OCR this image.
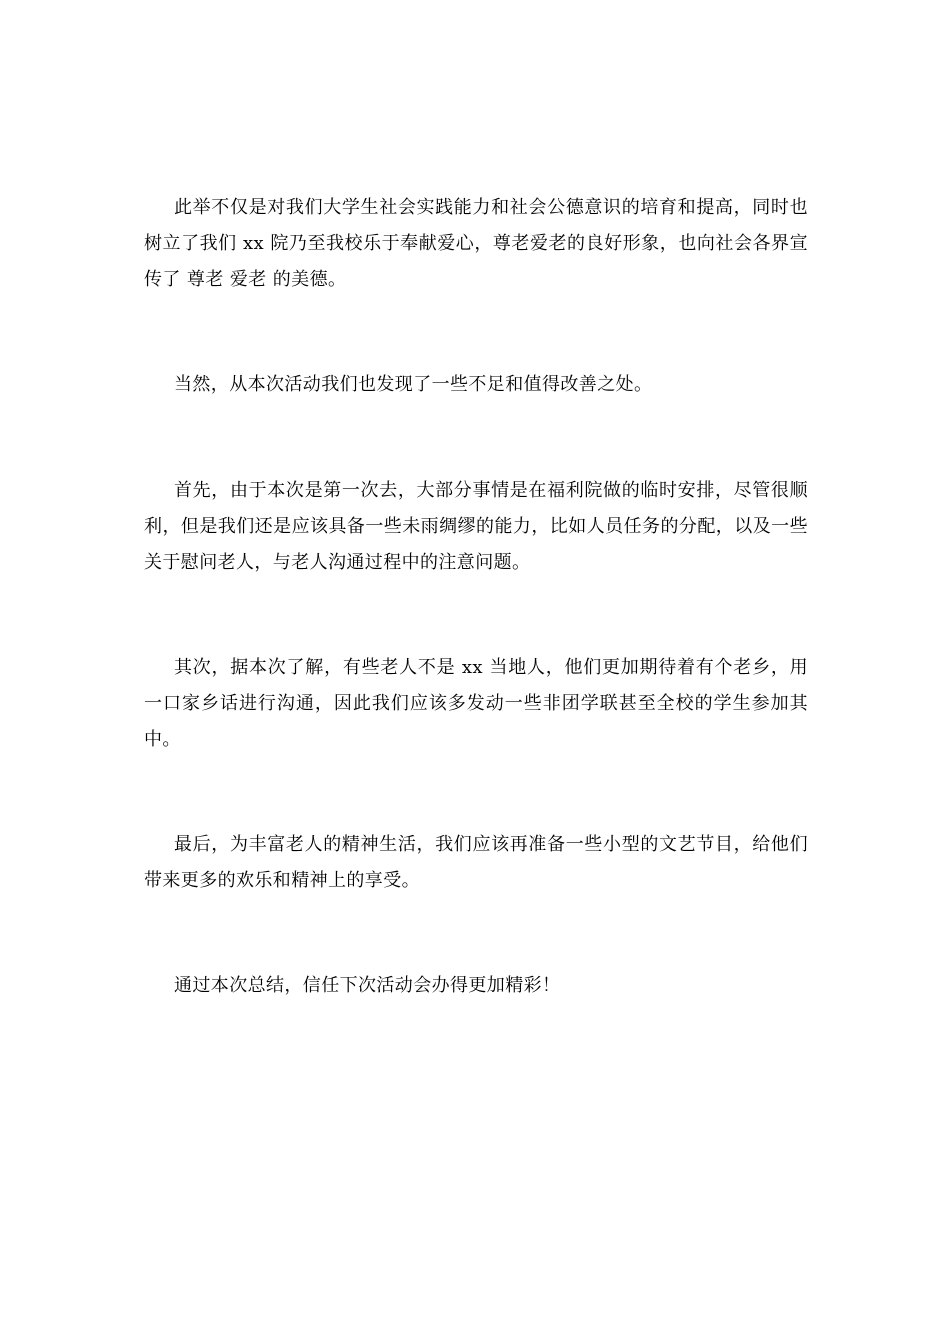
此举不仅是对我们大学生社会实践能力和社会公德意识的培育和提高，同时也树立了我们 xx 院乃至我校乐于奉献爱心，尊老爱老的良好形象，也向社会各界宣传了 尊老 爱老 的美德。

当然，从本次活动我们也发现了一些不足和值得改善之处。

首先，由于本次是第一次去，大部分事情是在福利院做的临时安排，尽管很顺利，但是我们还是应该具备一些未雨绸缪的能力，比如人员任务的分配，以及一些关于慰问老人，与老人沟通过程中的注意问题。

其次，据本次了解，有些老人不是 xx 当地人，他们更加期待着有个老乡，用一口家乡话进行沟通，因此我们应该多发动一些非团学联甚至全校的学生参加其中。

最后，为丰富老人的精神生活，我们应该再准备一些小型的文艺节目，给他们带来更多的欢乐和精神上的享受。

通过本次总结，信任下次活动会办得更加精彩！
